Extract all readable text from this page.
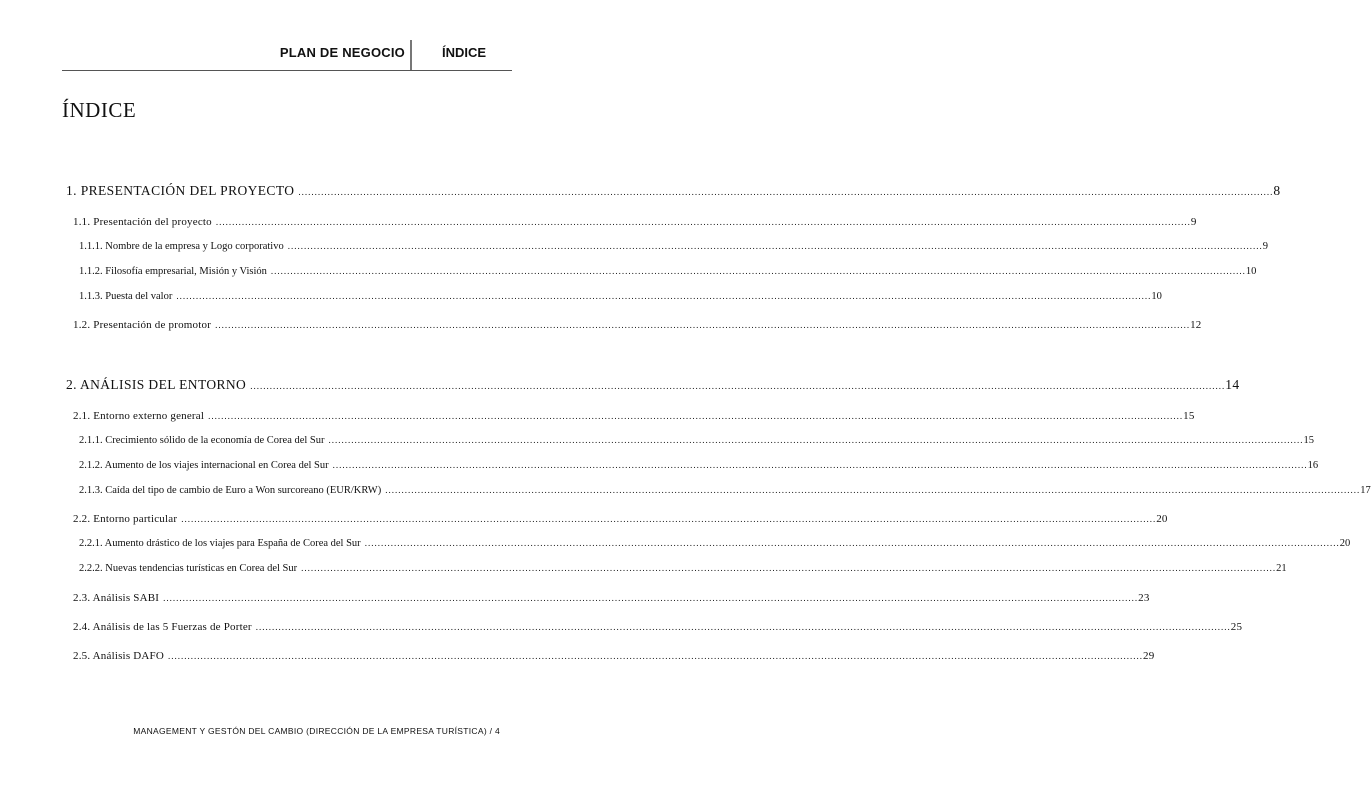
PLAN DE NEGOCIO	ÍNDICE
ÍNDICE
1. PRESENTACIÓN DEL PROYECTO ............................................................................................................................................................................................................................................................................................................ 8
1.1. Presentación del proyecto ............................................................................................................................................................................................................................................................................................................ 9
1.1.1. Nombre de la empresa y Logo corporativo ............................................................................................................................................................................................................................................................................................................ 9
1.1.2. Filosofía empresarial, Misión y Visión ............................................................................................................................................................................................................................................................................................................ 10
1.1.3. Puesta del valor ............................................................................................................................................................................................................................................................................................................ 10
1.2. Presentación de promotor ............................................................................................................................................................................................................................................................................................................ 12
2. ANÁLISIS DEL ENTORNO ............................................................................................................................................................................................................................................................................................................ 14
2.1. Entorno externo general ............................................................................................................................................................................................................................................................................................................ 15
2.1.1. Crecimiento sólido de la economía de Corea del Sur ............................................................................................................................................................................................................................................................................................................ 15
2.1.2. Aumento de los viajes internacional en Corea del Sur ............................................................................................................................................................................................................................................................................................................ 16
2.1.3. Caída del tipo de cambio de Euro a Won surcoreano (EUR/KRW) ............................................................................................................................................................................................................................................................................................................ 17
2.2. Entorno particular ............................................................................................................................................................................................................................................................................................................ 20
2.2.1. Aumento drástico de los viajes para España de Corea del Sur ............................................................................................................................................................................................................................................................................................................ 20
2.2.2. Nuevas tendencias turísticas en Corea del Sur ............................................................................................................................................................................................................................................................................................................ 21
2.3. Análisis SABI ............................................................................................................................................................................................................................................................................................................ 23
2.4. Análisis de las 5 Fuerzas de Porter ............................................................................................................................................................................................................................................................................................................ 25
2.5. Análisis DAFO ............................................................................................................................................................................................................................................................................................................ 29
MANAGEMENT Y GESTÓN DEL CAMBIO (DIRECCIÓN DE LA EMPRESA TURÍSTICA) / 4
